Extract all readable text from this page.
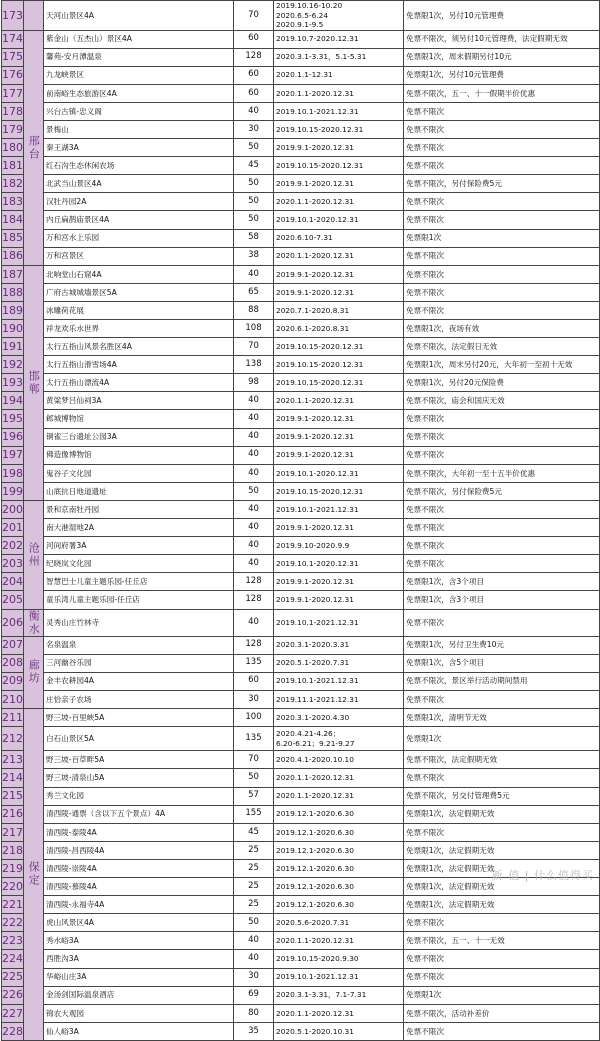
173		天河山景区4A	70	2019.10.16-10.20
2020.6.5-6.24
2020.9.1-9.5	免票限1次，另付10元管理费
174	邢台	紫金山（五杰山）景区4A	60	2019.10.7-2020.12.31	免票不限次，须另付10元管理费，法定假期无效
175		馨苑-安月潭温泉	128	2020.3.1-3.31，5.1-5.31	免票限1次，周末假期另付10元
176		九龙峡景区	60	2020.1.1-12.31	免票限1次，另付10元管理费
177		前南峪生态旅游区4A	60	2020.1.1-2020.12.31	免票不限次，五一、十一假期半价优惠
178		兴台古镇-忠义阁	40	2019.10.1-2021.12.31	免票不限次
179		景梅山	30	2019.10.15-2020.12.31	免票不限次
180		秦王湖3A	50	2019.9.1-2020.12.31	免票不限次
181		红石沟生态休闲农场	45	2019.10.15-2020.12.31	免票不限次
182		北武当山景区4A	50	2019.9.1-2020.12.31	免票不限次，另付保险费5元
183		汉牡丹园2A	50	2020.1.1-2020.12.31	免票不限次
184		内丘扁鹊庙景区4A	50	2019.10.1-2020.12.31	免票不限次
185		万和宫水上乐园	58	2020.6.10-7.31	免票限1次
186		万和宫景区	38	2020.1.1-2020.12.31	免票不限次
187	邯郸	北响堂山石窟4A	40	2019.9.1-2020.12.31	免票不限次
188		广府古城城墙景区5A	65	2019.9.1-2020.12.31	免票不限次
189		冰雕荷花展	88	2020.7.1-2020.8.31	免票不限次
190		祥龙欢乐水世界	108	2020.6.1-2020.8.31	免票限1次，夜场有效
191		太行五指山风景名胜区4A	70	2019.10.15-2020.12.31	免票不限次，法定假日无效
192		太行五指山滑雪场4A	138	2019.10.15-2020.12.31	免票限1次，周末另付20元，大年初一至初十无效
193		太行五指山漂流4A	98	2019.10.15-2020.12.31	免票限1次，另付20元保险费
194		黄粱梦吕仙祠3A	40	2020.1.1-2020.12.31	免票不限次，庙会和国庆无效
195		邺城博物馆	40	2019.9.1-2020.12.31	免票不限次
196		铜雀三台遗址公园3A	40	2019.9.1-2020.12.31	免票不限次
197		佛造像博物馆	40	2019.9.1-2020.12.31	免票不限次
198		鬼谷子文化园	40	2019.10.1-2020.12.31	免票不限次，大年初一至十五半价优惠
199		山底抗日地道遗址	50	2019.10.15-2020.12.31	免票不限次，另付保险费5元
200	沧州	景和京南牡丹园	40	2019.10.1-2021.12.31	免票不限次
201		南大港湿地2A	40	2019.9.1-2020.12.31	免票不限次
202		河间府署3A	40	2019.9.10-2020.9.9	免票不限次
203		纪晓岚文化园	40	2019.10.1-2020.12.31	免票不限次
204		智慧巴士儿童主题乐园-任丘店	128	2019.9.1-2020.12.31	免票限1次，含3个项目
205		童乐湾儿童主题乐园-任丘店	128	2019.9.1-2020.12.31	免票限1次，含3个项目
206	衡水	灵秀山庄竹林寺	40	2019.10.1-2021.12.31	免票不限次
207	廊坊	名泉温泉	128	2020.3.1-2020.3.31	免票限1次，另付卫生费10元
208		三河幽谷乐园	135	2020.5.1-2020.7.31	免票限1次，含5个项目
209		金丰农耕园4A	60	2019.10.1-2021.12.31	免票不限次，景区举行活动期间禁用
210		庄恰亲子农场	30	2019.11.1-2021.12.31	免票不限次
211	保定	野三坡-百里峡5A	100	2020.3.1-2020.4.30	免票限1次，清明节无效
212		白石山景区5A	135	2020.4.21-4.26；
6.20-6.21；9.21-9.27	免票限1次
213		野三坡-百草畔5A	70	2020.4.1-2020.10.10	免票不限次，法定假期无效
214		野三坡-清泉山5A	50	2020.1.1-2020.12.31	免票不限次
215		秀兰文化园	57	2020.1.1-2020.12.31	免票不限次，另交付管理费5元
216		清西陵-通票（含以下五个景点）4A	155	2019.12.1-2020.6.30	免票限1次，法定假期无效
217		清西陵-泰陵4A	45	2019.12.1-2020.6.30	免票不限次
218		清西陵-昌西陵4A	25	2019.12.1-2020.6.30	免票限1次，法定假期无效
219		清西陵-崇陵4A	25	2019.12.1-2020.6.30	免票限1次，法定假期无效
220		清西陵-慕陵4A	25	2019.12.1-2020.6.30	免票限1次，法定假期无效
221		清西陵-永福寺4A	25	2019.12.1-2020.6.30	免票限1次，法定假期无效
222		虎山风景区4A	50	2020.5.6-2020.7.31	免票不限次
223		秀水峪3A	40	2020.1.1-2020.12.31	免票不限次，五一、十一无效
224		西胜沟3A	40	2019.10.15-2020.9.30	免票不限次
225		华峪山庄3A	30	2019.10.1-2021.12.31	免票不限次
226		金汤剑国际温泉酒店	69	2020.3.1-3.31，7.1-7.31	免票限1次
227		锦农大观园	80	2020.1.1-2020.12.31	免票不限次，活动补差价
228		仙人峪3A	35	2020.5.1-2020.10.31	免票不限次
新 值 | 什么值得买
